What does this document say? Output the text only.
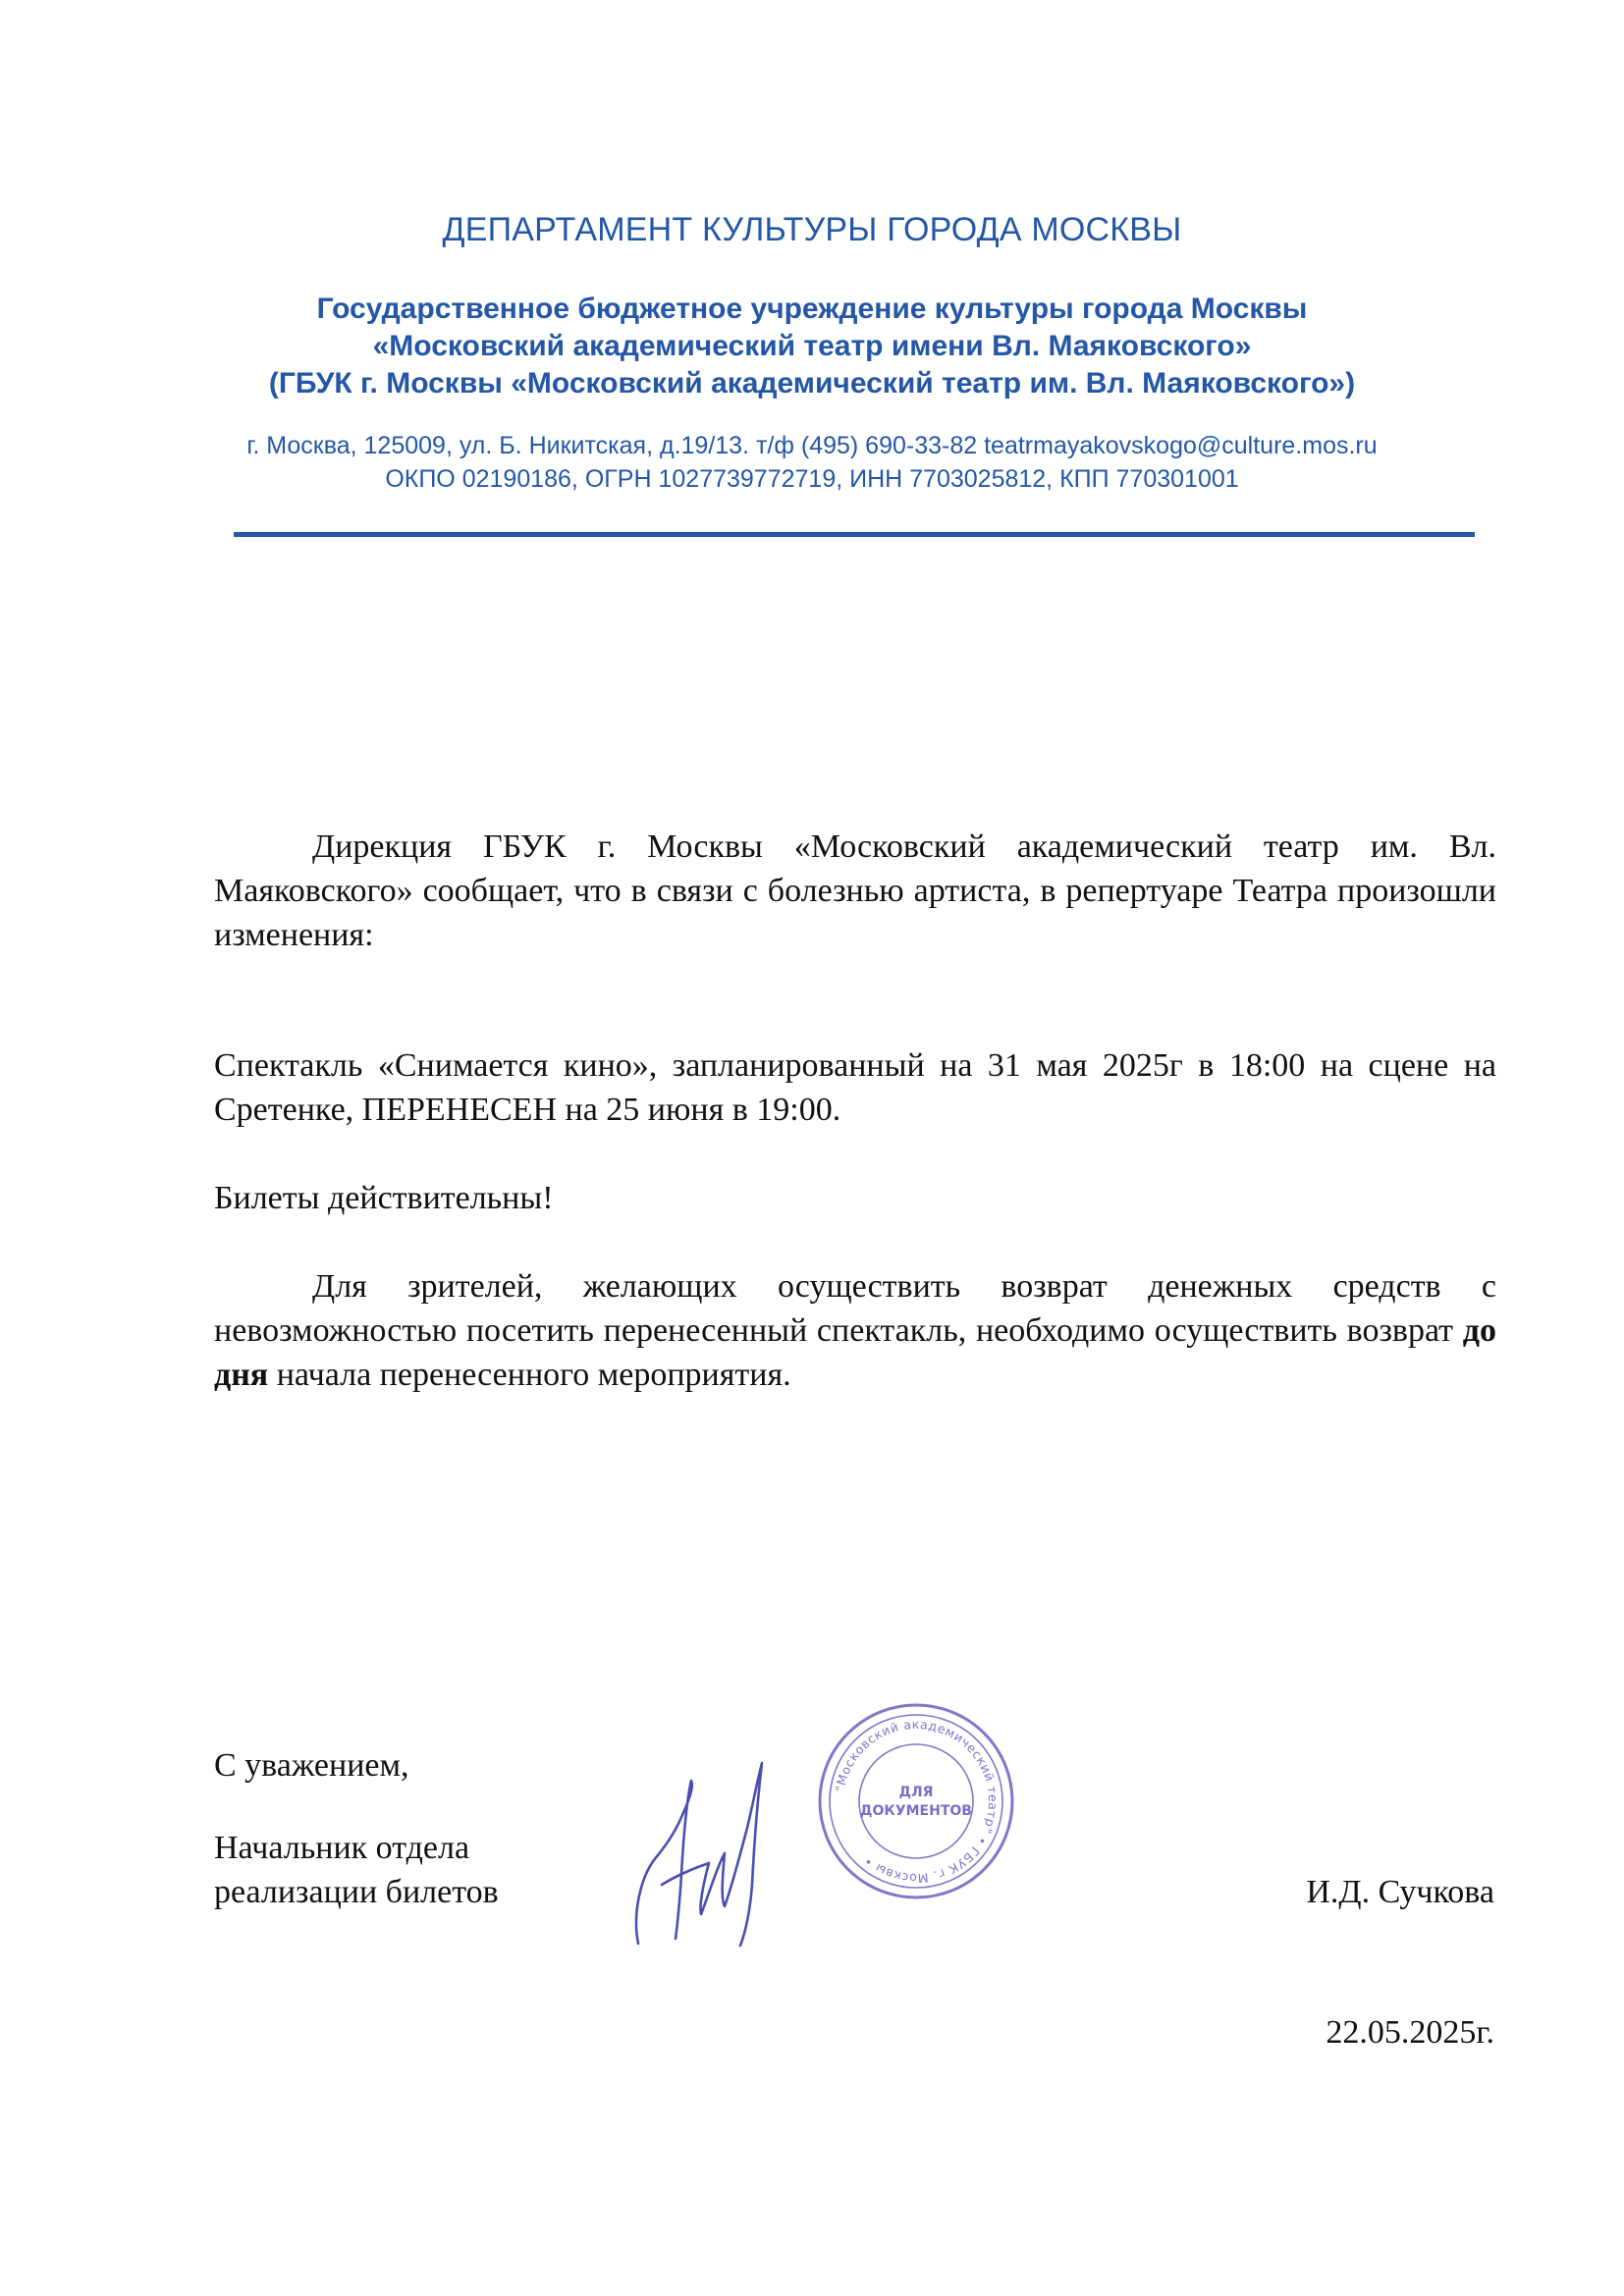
ДЕПАРТАМЕНТ КУЛЬТУРЫ ГОРОДА МОСКВЫ
Государственное бюджетное учреждение культуры города Москвы
«Московский академический театр имени Вл. Маяковского»
(ГБУК г. Москвы «Московский академический театр им. Вл. Маяковского»)
г. Москва, 125009, ул. Б. Никитская, д.19/13. т/ф (495) 690-33-82 teatrmayakovskogo@culture.mos.ru
ОКПО 02190186, ОГРН 1027739772719, ИНН 7703025812, КПП 770301001

Дирекция ГБУК г. Москвы «Московский академический театр им. Вл. Маяковского» сообщает, что в связи с болезнью артиста, в репертуаре Театра произошли изменения:

Спектакль «Снимается кино», запланированный на 31 мая 2025г в 18:00 на сцене на Сретенке, ПЕРЕНЕСЕН на 25 июня в 19:00.

Билеты действительны!

Для зрителей, желающих осуществить возврат денежных средств с невозможностью посетить перенесенный спектакль, необходимо осуществить возврат до дня начала перенесенного мероприятия.

С уважением,
Начальник отдела
реализации билетов	И.Д. Сучкова
22.05.2025г.
"Московский академический театр" • ГБУК г. Москвы •
ДЛЯ
ДОКУМЕНТОВ
